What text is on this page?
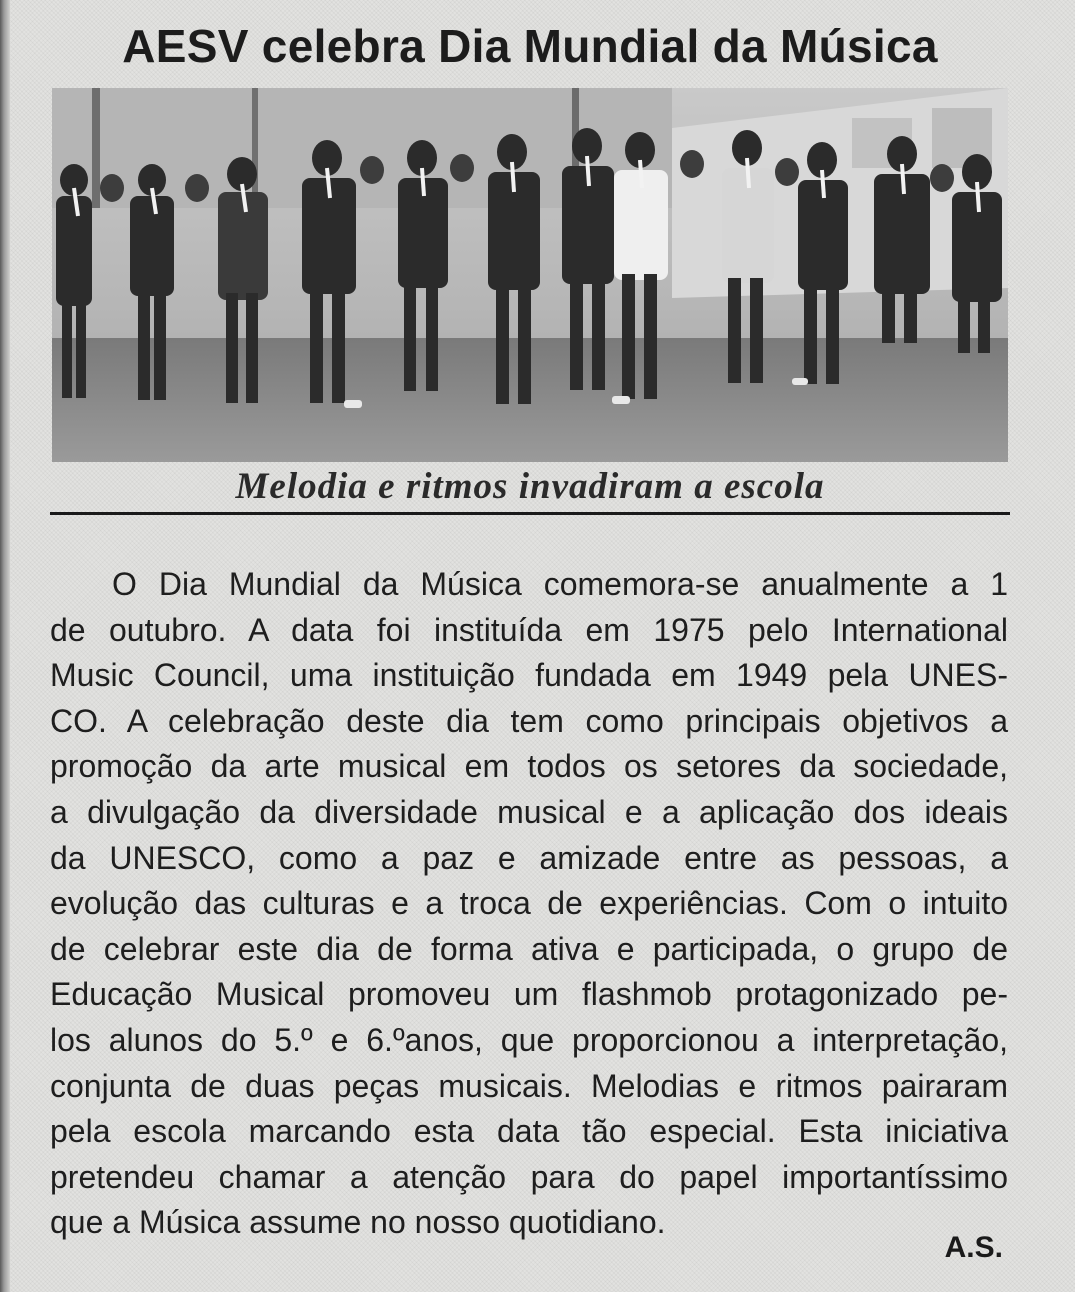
AESV celebra Dia Mundial da Música
Melodia e ritmos invadiram a escola
O Dia Mundial da Música comemora-se anualmente a 1
de outubro. A data foi instituída em 1975 pelo International
Music Council, uma instituição fundada em 1949 pela UNES-
CO. A celebração deste dia tem como principais objetivos a
promoção da arte musical em todos os setores da sociedade,
a divulgação da diversidade musical e a aplicação dos ideais
da UNESCO, como a paz e amizade entre as pessoas, a
evolução das culturas e a troca de experiências. Com o intuito
de celebrar este dia de forma ativa e participada, o grupo de
Educação Musical promoveu um flashmob protagonizado pe-
los alunos do 5.º e 6.ºanos, que proporcionou a interpretação,
conjunta de duas peças musicais. Melodias e ritmos pairaram
pela escola marcando esta data tão especial. Esta iniciativa
pretendeu chamar a atenção para do papel importantíssimo
que a Música assume no nosso quotidiano.
A.S.
